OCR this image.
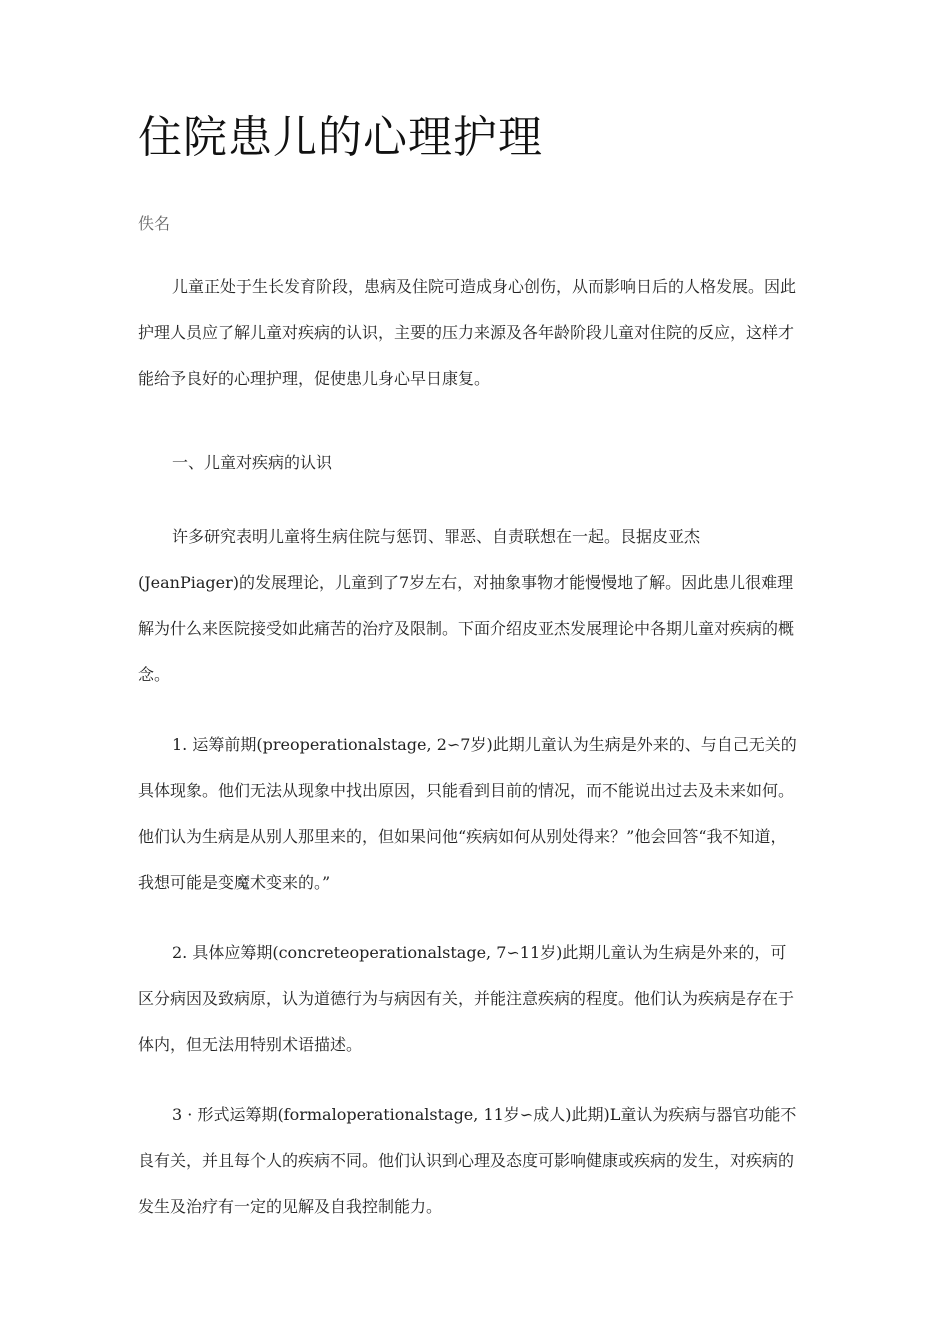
住院患儿的心理护理
佚名

儿童正处于生长发育阶段，患病及住院可造成身心创伤，从而影响日后的人格发展。因此护理人员应了解儿童对疾病的认识，主要的压力来源及各年龄阶段儿童对住院的反应，这样才能给予良好的心理护理，促使患儿身心早日康复。

一、儿童对疾病的认识

许多研究表明儿童将生病住院与惩罚、罪恶、自责联想在一起。艮据皮亚杰(JeanPiager)的发展理论，儿童到了7岁左右，对抽象事物才能慢慢地了解。因此患儿很难理解为什么来医院接受如此痛苦的治疗及限制。下面介绍皮亚杰发展理论中各期儿童对疾病的概念。

1. 运筹前期(preoperationalstage, 2∽7岁)此期儿童认为生病是外来的、与自己无关的具体现象。他们无法从现象中找出原因，只能看到目前的情况，而不能说出过去及未来如何。他们认为生病是从别人那里来的，但如果问他“疾病如何从别处得来？”他会回答“我不知道，我想可能是变魔术变来的。”

2. 具体应筹期(concreteoperationalstage, 7∽11岁)此期儿童认为生病是外来的，可区分病因及致病原，认为道德行为与病因有关，并能注意疾病的程度。他们认为疾病是存在于体内，但无法用特别术语描述。

3 · 形式运筹期(formaloperationalstage, 11岁∽成人)此期)L童认为疾病与器官功能不良有关，并且每个人的疾病不同。他们认识到心理及态度可影响健康或疾病的发生，对疾病的发生及治疗有一定的见解及自我控制能力。
